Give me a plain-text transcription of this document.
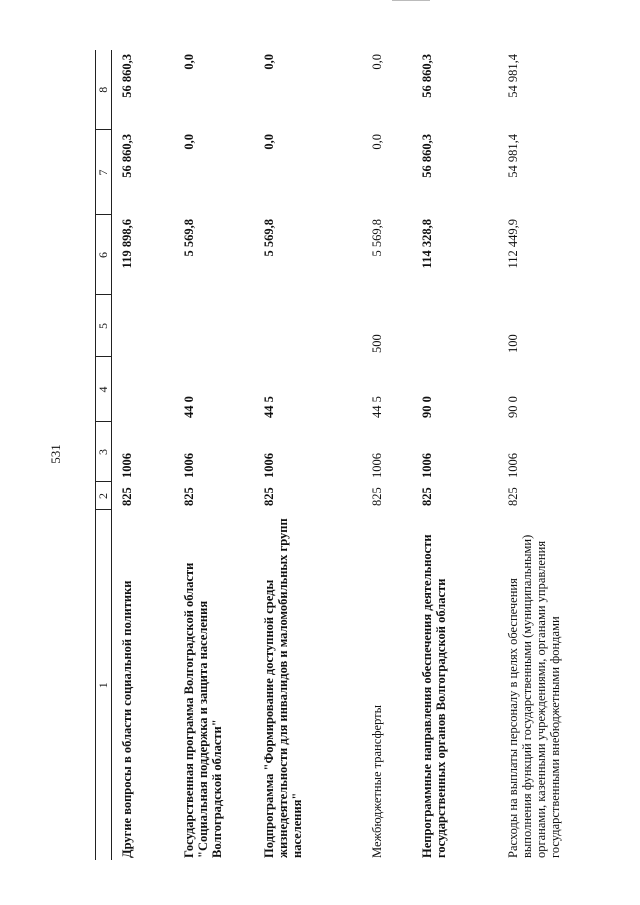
531
1	2	3	4	5	6	7	8
Другие вопросы в области социальной политики	825	1006			119 898,6	56 860,3	56 860,3
Государственная программа Волгоградской области "Социальная поддержка и защита населения Волгоградской области"	825	1006	44 0		5 569,8	0,0	0,0
Подпрограмма "Формирование доступной среды жизнедеятельности для инвалидов и маломобильных групп населения"	825	1006	44 5		5 569,8	0,0	0,0
Межбюджетные трансферты	825	1006	44 5	500	5 569,8	0,0	0,0
Непрограммные направления обеспечения деятельности государственных органов Волгоградской области	825	1006	90 0		114 328,8	56 860,3	56 860,3
Расходы на выплаты персоналу в целях обеспечения выполнения функций государственными (муниципальными) органами, казенными учреждениями, органами управления государственными внебюджетными фондами	825	1006	90 0	100	112 449,9	54 981,4	54 981,4
